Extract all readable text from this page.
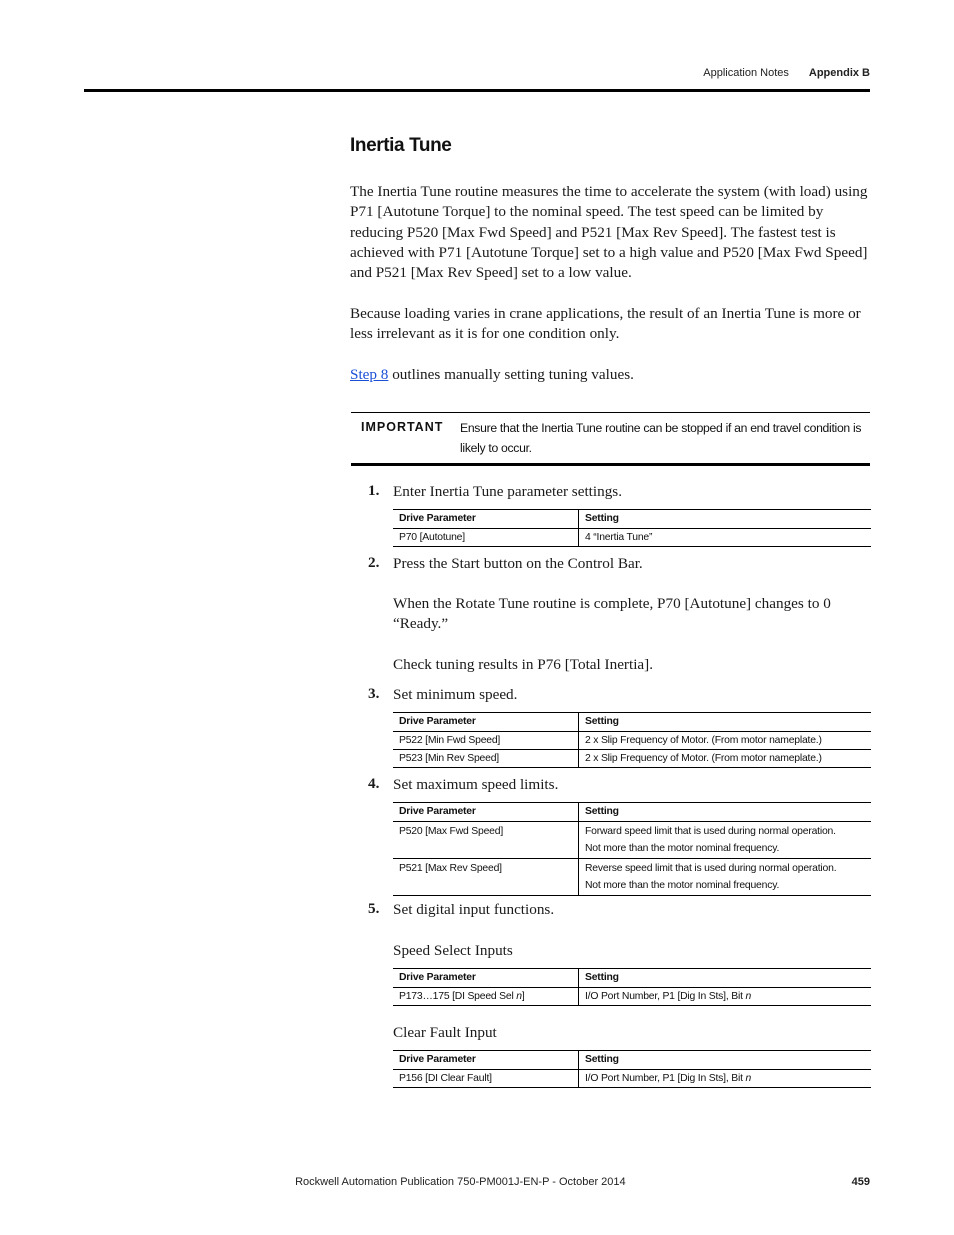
Application Notes Appendix B
Inertia Tune

The Inertia Tune routine measures the time to accelerate the system (with load) using P71 [Autotune Torque] to the nominal speed. The test speed can be limited by reducing P520 [Max Fwd Speed] and P521 [Max Rev Speed]. The fastest test is achieved with P71 [Autotune Torque] set to a high value and P520 [Max Fwd Speed] and P521 [Max Rev Speed] set to a low value.

Because loading varies in crane applications, the result of an Inertia Tune is more or less irrelevant as it is for one condition only.

Step 8 outlines manually setting tuning values.

IMPORTANT Ensure that the Inertia Tune routine can be stopped if an end travel condition is likely to occur.
1. Enter Inertia Tune parameter settings.

Drive Parameter	Setting
P70 [Autotune]	4 “Inertia Tune”
2. Press the Start button on the Control Bar.

When the Rotate Tune routine is complete, P70 [Autotune] changes to 0 “Ready.”

Check tuning results in P76 [Total Inertia].

3. Set minimum speed.

Drive Parameter	Setting
P522 [Min Fwd Speed]	2 x Slip Frequency of Motor. (From motor nameplate.)
P523 [Min Rev Speed]	2 x Slip Frequency of Motor. (From motor nameplate.)
4. Set maximum speed limits.

Drive Parameter	Setting
P520 [Max Fwd Speed]	Forward speed limit that is used during normal operation.
Not more than the motor nominal frequency.
P521 [Max Rev Speed]	Reverse speed limit that is used during normal operation.
Not more than the motor nominal frequency.
5. Set digital input functions.

Speed Select Inputs

Drive Parameter	Setting
P173…175 [DI Speed Sel n]	I/O Port Number, P1 [Dig In Sts], Bit n

Clear Fault Input

Drive Parameter	Setting
P156 [DI Clear Fault]	I/O Port Number, P1 [Dig In Sts], Bit n
Rockwell Automation Publication 750-PM001J-EN-P - October 2014	459
